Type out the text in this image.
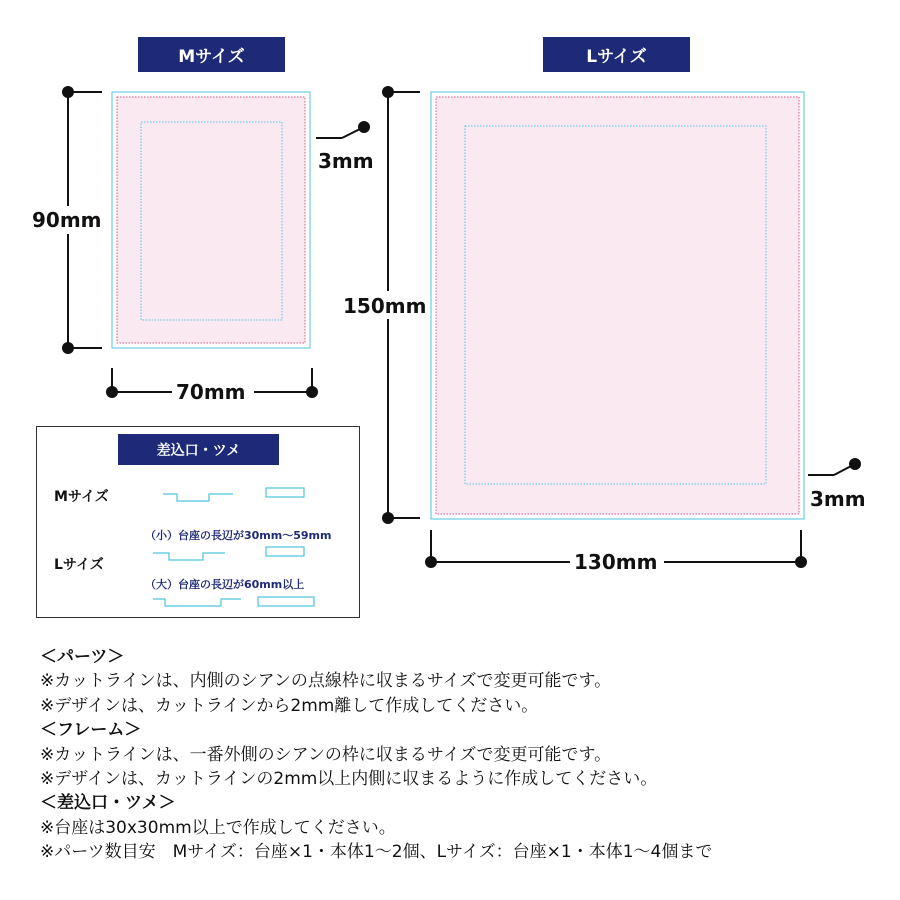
Mサイズ	Lサイズ
90mm
70mm
3mm
150mm
130mm
3mm
差込口・ツメ
Mサイズ
Lサイズ
（小）台座の長辺が30mm～59mm
（大）台座の長辺が60mm以上
＜パーツ＞
※カットラインは、内側のシアンの点線枠に収まるサイズで変更可能です。
※デザインは、カットラインから2mm離して作成してください。
＜フレーム＞
※カットラインは、一番外側のシアンの枠に収まるサイズで変更可能です。
※デザインは、カットラインの2mm以上内側に収まるように作成してください。
＜差込口・ツメ＞
※台座は30x30mm以上で作成してください。
※パーツ数目安　Mサイズ：台座×1・本体1～2個、Lサイズ：台座×1・本体1～4個まで
